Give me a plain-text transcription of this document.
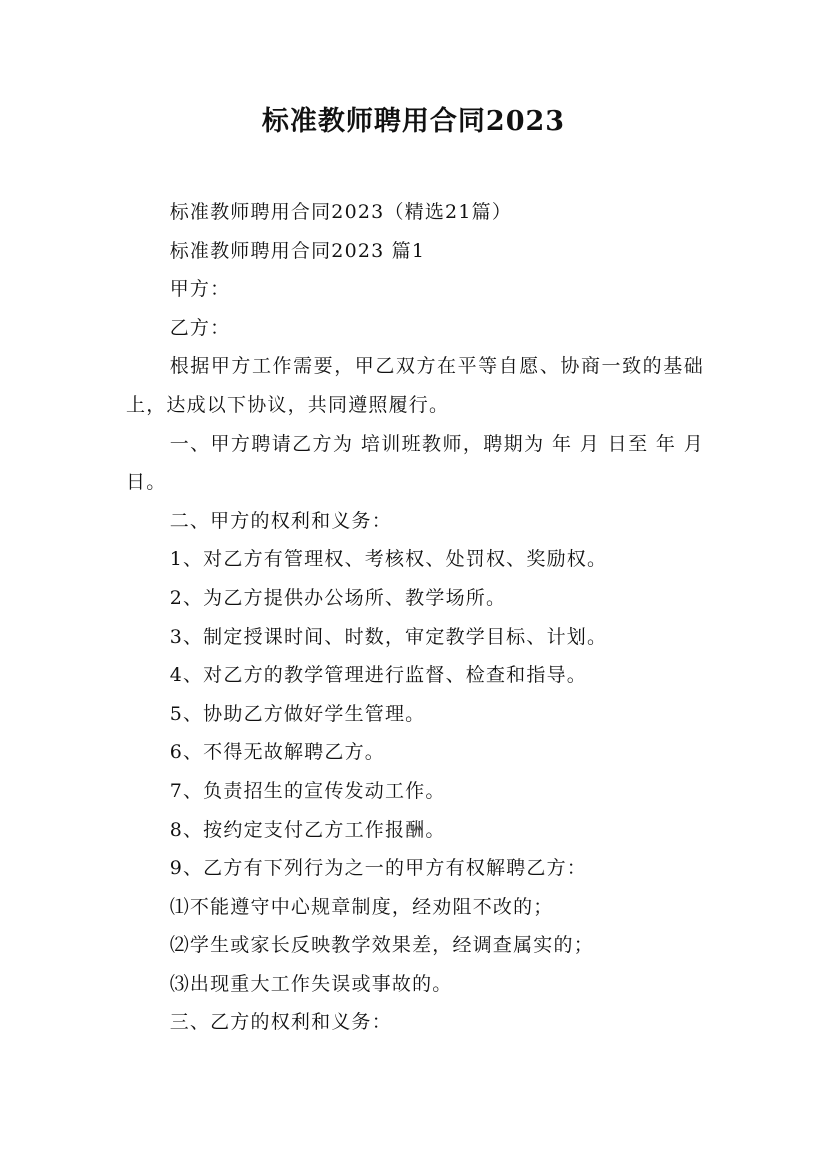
标准教师聘用合同2023

标准教师聘用合同2023（精选21篇）

标准教师聘用合同2023 篇1

甲方：

乙方：

根据甲方工作需要，甲乙双方在平等自愿、协商一致的基础上，达成以下协议，共同遵照履行。

一、甲方聘请乙方为 培训班教师，聘期为 年 月 日至 年 月 日。

二、甲方的权利和义务：

1、对乙方有管理权、考核权、处罚权、奖励权。

2、为乙方提供办公场所、教学场所。

3、制定授课时间、时数，审定教学目标、计划。

4、对乙方的教学管理进行监督、检查和指导。

5、协助乙方做好学生管理。

6、不得无故解聘乙方。

7、负责招生的宣传发动工作。

8、按约定支付乙方工作报酬。

9、乙方有下列行为之一的甲方有权解聘乙方：

⑴不能遵守中心规章制度，经劝阻不改的；

⑵学生或家长反映教学效果差，经调查属实的；

⑶出现重大工作失误或事故的。

三、乙方的权利和义务：
